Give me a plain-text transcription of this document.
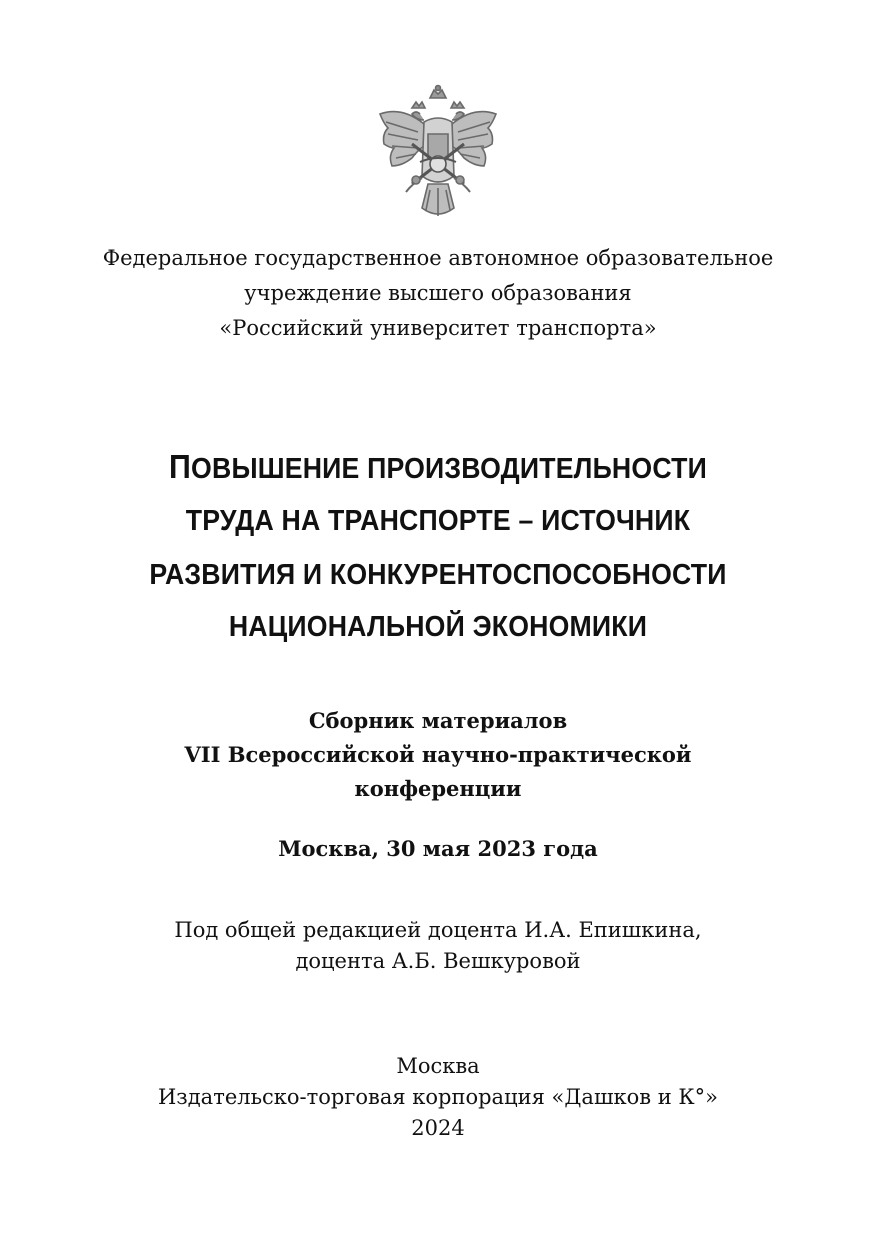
Федеральное государственное автономное образовательное
учреждение высшего образования
«Российский университет транспорта»
ПОВЫШЕНИЕ ПРОИЗВОДИТЕЛЬНОСТИ
ТРУДА НА ТРАНСПОРТЕ – ИСТОЧНИК
РАЗВИТИЯ И КОНКУРЕНТОСПОСОБНОСТИ
НАЦИОНАЛЬНОЙ ЭКОНОМИКИ
Сборник материалов
VII Всероссийской научно-практической
конференции
Москва, 30 мая 2023 года
Под общей редакцией доцента И.А. Епишкина,
доцента А.Б. Вешкуровой
Москва
Издательско-торговая корпорация «Дашков и К°»
2024
